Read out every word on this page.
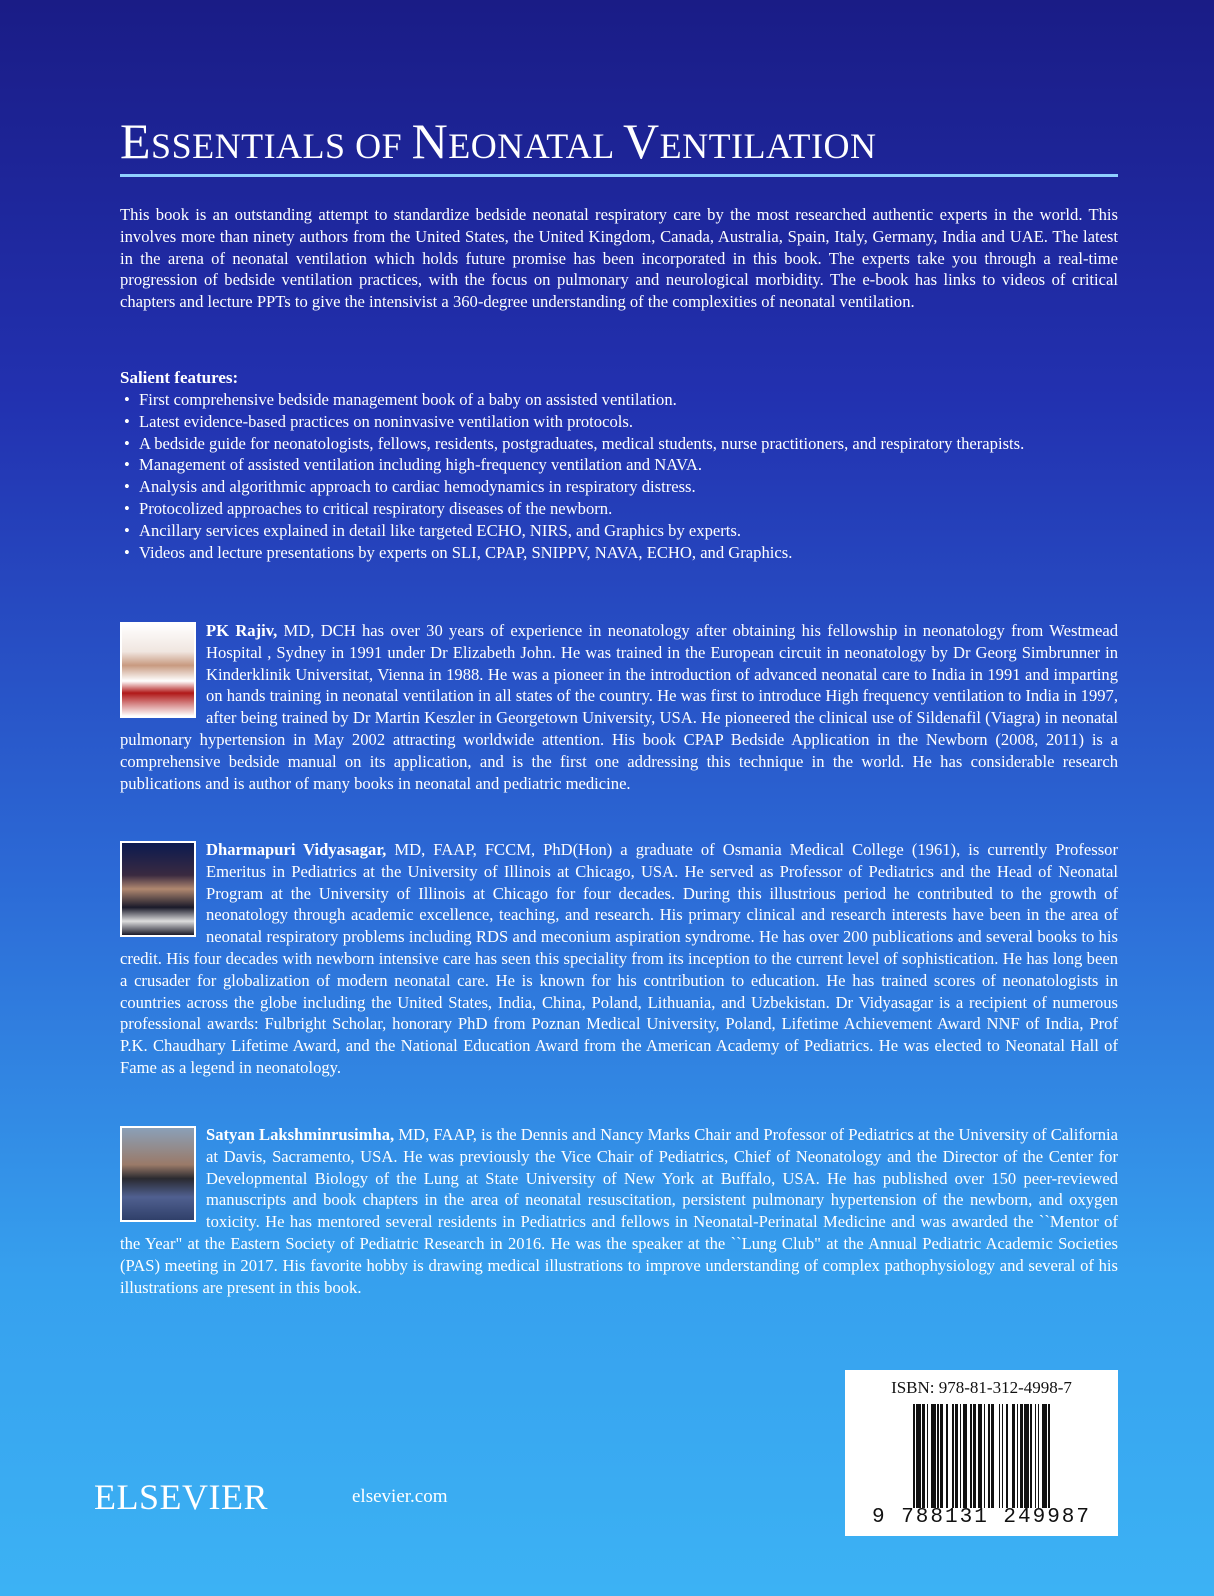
ESSENTIALS OF NEONATAL VENTILATION

This book is an outstanding attempt to standardize bedside neonatal respiratory care by the most researched authentic experts in the world. This involves more than ninety authors from the United States, the United Kingdom, Canada, Australia, Spain, Italy, Germany, India and UAE. The latest in the arena of neonatal ventilation which holds future promise has been incorporated in this book. The experts take you through a real-time progression of bedside ventilation practices, with the focus on pulmonary and neurological morbidity. The e-book has links to videos of critical chapters and lecture PPTs to give the intensivist a 360-degree understanding of the complexities of neonatal ventilation.

Salient features:
• First comprehensive bedside management book of a baby on assisted ventilation.
• Latest evidence-based practices on noninvasive ventilation with protocols.
• A bedside guide for neonatologists, fellows, residents, postgraduates, medical students, nurse practitioners, and respiratory therapists.
• Management of assisted ventilation including high-frequency ventilation and NAVA.
• Analysis and algorithmic approach to cardiac hemodynamics in respiratory distress.
• Protocolized approaches to critical respiratory diseases of the newborn.
• Ancillary services explained in detail like targeted ECHO, NIRS, and Graphics by experts.
• Videos and lecture presentations by experts on SLI, CPAP, SNIPPV, NAVA, ECHO, and Graphics.
PK Rajiv, MD, DCH has over 30 years of experience in neonatology after obtaining his fellowship in neonatology from Westmead Hospital , Sydney in 1991 under Dr Elizabeth John. He was trained in the European circuit in neonatology by Dr Georg Simbrunner in Kinderklinik Universitat, Vienna in 1988. He was a pioneer in the introduction of advanced neonatal care to India in 1991 and imparting on hands training in neonatal ventilation in all states of the country. He was first to introduce High frequency ventilation to India in 1997, after being trained by Dr Martin Keszler in Georgetown University, USA. He pioneered the clinical use of Sildenafil (Viagra) in neonatal pulmonary hypertension in May 2002 attracting worldwide attention. His book CPAP Bedside Application in the Newborn (2008, 2011) is a comprehensive bedside manual on its application, and is the first one addressing this technique in the world. He has considerable research publications and is author of many books in neonatal and pediatric medicine.
Dharmapuri Vidyasagar, MD, FAAP, FCCM, PhD(Hon) a graduate of Osmania Medical College (1961), is currently Professor Emeritus in Pediatrics at the University of Illinois at Chicago, USA. He served as Professor of Pediatrics and the Head of Neonatal Program at the University of Illinois at Chicago for four decades. During this illustrious period he contributed to the growth of neonatology through academic excellence, teaching, and research. His primary clinical and research interests have been in the area of neonatal respiratory problems including RDS and meconium aspiration syndrome. He has over 200 publications and several books to his credit. His four decades with newborn intensive care has seen this speciality from its inception to the current level of sophistication. He has long been a crusader for globalization of modern neonatal care. He is known for his contribution to education. He has trained scores of neonatologists in countries across the globe including the United States, India, China, Poland, Lithuania, and Uzbekistan. Dr Vidyasagar is a recipient of numerous professional awards: Fulbright Scholar, honorary PhD from Poznan Medical University, Poland, Lifetime Achievement Award NNF of India, Prof P.K. Chaudhary Lifetime Award, and the National Education Award from the American Academy of Pediatrics. He was elected to Neonatal Hall of Fame as a legend in neonatology.
Satyan Lakshminrusimha, MD, FAAP, is the Dennis and Nancy Marks Chair and Professor of Pediatrics at the University of California at Davis, Sacramento, USA. He was previously the Vice Chair of Pediatrics, Chief of Neonatology and the Director of the Center for Developmental Biology of the Lung at State University of New York at Buffalo, USA. He has published over 150 peer-reviewed manuscripts and book chapters in the area of neonatal resuscitation, persistent pulmonary hypertension of the newborn, and oxygen toxicity. He has mentored several residents in Pediatrics and fellows in Neonatal-Perinatal Medicine and was awarded the ``Mentor of the Year" at the Eastern Society of Pediatric Research in 2016. He was the speaker at the ``Lung Club" at the Annual Pediatric Academic Societies (PAS) meeting in 2017. His favorite hobby is drawing medical illustrations to improve understanding of complex pathophysiology and several of his illustrations are present in this book.
ISBN: 978-81-312-4998-7
9 788131 249987
ELSEVIER	elsevier.com
